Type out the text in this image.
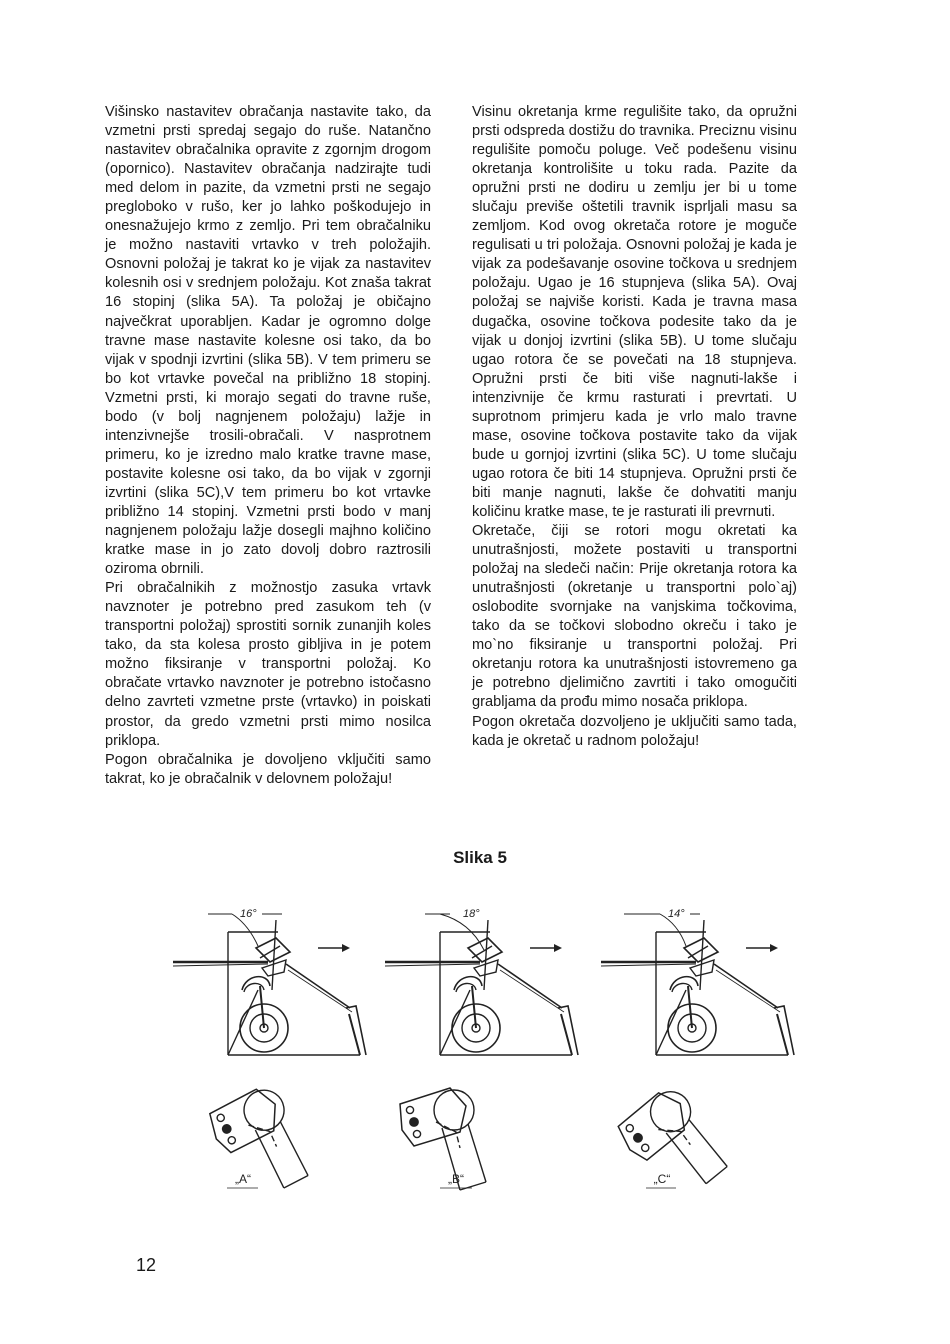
Višinsko nastavitev obračanja nastavite tako, da vzmetni prsti spredaj segajo do ruše. Natančno nastavitev obračalnika opravite z zgornjm drogom (opornico). Nastavitev obračanja nadzirajte tudi med delom in pazite, da vzmetni prsti ne segajo pregloboko v rušo, ker jo lahko poškodujejo in onesnažujejo krmo z zemljo. Pri tem obračalniku je možno nastaviti vrtavko v treh položajih. Osnovni položaj je takrat ko je vijak za nastavitev kolesnih osi v srednjem položaju. Kot znaša takrat 16 stopinj (slika 5A). Ta položaj je običajno največkrat uporabljen. Kadar je ogromno dolge travne mase nastavite kolesne osi tako, da bo vijak v spodnji izvrtini (slika 5B). V tem primeru se bo kot vrtavke povečal na približno 18 stopinj. Vzmetni prsti, ki morajo segati do travne ruše, bodo (v bolj nagnjenem položaju) lažje in intenzivnejše trosili-obračali. V nasprotnem primeru, ko je izredno malo kratke travne mase, postavite kolesne osi tako, da bo vijak v zgornji izvrtini (slika 5C),V tem primeru bo kot vrtavke približno 14 stopinj. Vzmetni prsti bodo v manj nagnjenem položaju lažje dosegli majhno količino kratke mase in jo zato dovolj dobro raztrosili oziroma obrnili.

Pri obračalnikih z možnostjo zasuka vrtavk navznoter je potrebno pred zasukom teh (v transportni položaj) sprostiti sornik zunanjih koles tako, da sta kolesa prosto gibljiva in je potem možno fiksiranje v transportni položaj. Ko obračate vrtavko navznoter je potrebno istočasno delno zavrteti vzmetne prste (vrtavko) in poiskati prostor, da gredo vzmetni prsti mimo nosilca priklopa.

Pogon obračalnika je dovoljeno vključiti samo takrat, ko je obračalnik v delovnem položaju!

Visinu okretanja krme regulišite tako, da opružni prsti odspreda dostižu do travnika. Preciznu visinu regulišite pomoču poluge. Več podešenu visinu okretanja kontrolišite u toku rada. Pazite da opružni prsti ne dodiru u zemlju jer bi u tome slučaju previše oštetili travnik isprljali masu sa zemljom. Kod ovog okretača rotore je moguče regulisati u tri položaja. Osnovni položaj je kada je vijak za podešavanje osovine točkova u srednjem položaju. Ugao je 16 stupnjeva (slika 5A). Ovaj položaj se najviše koristi. Kada je travna masa dugačka, osovine točkova podesite tako da je vijak u donjoj izvrtini (slika 5B). U tome slučaju ugao rotora če se povečati na 18 stupnjeva. Opružni prsti če biti više nagnuti-lakše i intenzivnije če krmu rasturati i prevrtati. U suprotnom primjeru kada je vrlo malo travne mase, osovine točkova postavite tako da vijak bude u gornjoj izvrtini (slika 5C). U tome slučaju ugao rotora če biti 14 stupnjeva. Opružni prsti če biti manje nagnuti, lakše če dohvatiti manju količinu kratke mase, te je rasturati ili prevrnuti.

Okretače, čiji se rotori mogu okretati ka unutrašnjosti, možete postaviti u transportni položaj na sledeči način: Prije okretanja rotora ka unutrašnjosti (okretanje u transportni polo`aj) oslobodite svornjake na vanjskima točkovima, tako da se točkovi slobodno okreču i tako je mo`no fiksiranje u transportni položaj. Pri okretanju rotora ka unutrašnjosti istovremeno ga je potrebno djelimično zavrtiti i tako omogučiti grabljama da prođu mimo nosača priklopa.

Pogon okretača dozvoljeno je uključiti samo tada, kada je okretač u radnom položaju!

Slika 5
16°
„A“
18°
„B“
14°
„C“
12
